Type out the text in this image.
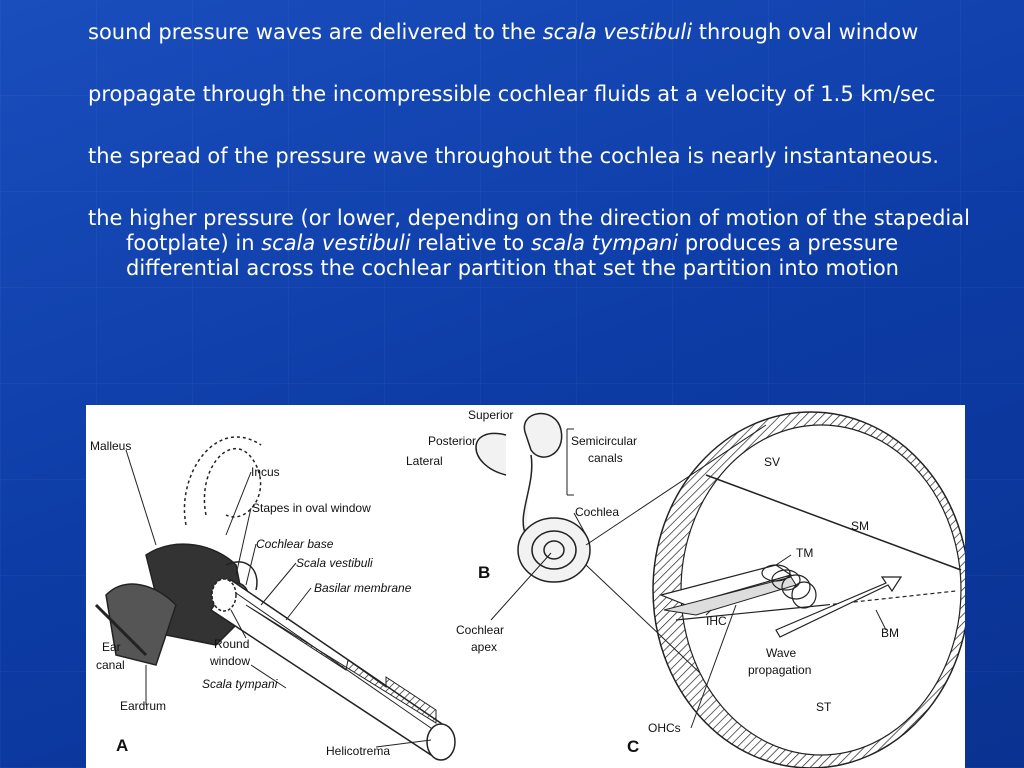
sound pressure waves are delivered to the scala vestibuli through oval window

propagate through the incompressible cochlear fluids at a velocity of 1.5 km/sec

the spread of the pressure wave throughout the cochlea is nearly instantaneous.

the higher pressure (or lower, depending on the direction of motion of the stapedial footplate) in scala vestibuli relative to scala tympani produces a pressure differential across the cochlear partition that set the partition into motion

Malleus
Incus
Stapes in oval window
Cochlear base
Scala vestibuli
Basilar membrane
Ear
canal
Round
window
Scala tympani
Eardrum
Helicotrema
A
Superior
Posterior
Lateral
Semicircular
canals
Cochlea
B
Cochlear
apex
SV
SM
TM
IHC
BM
Wave
propagation
ST
OHCs
C
